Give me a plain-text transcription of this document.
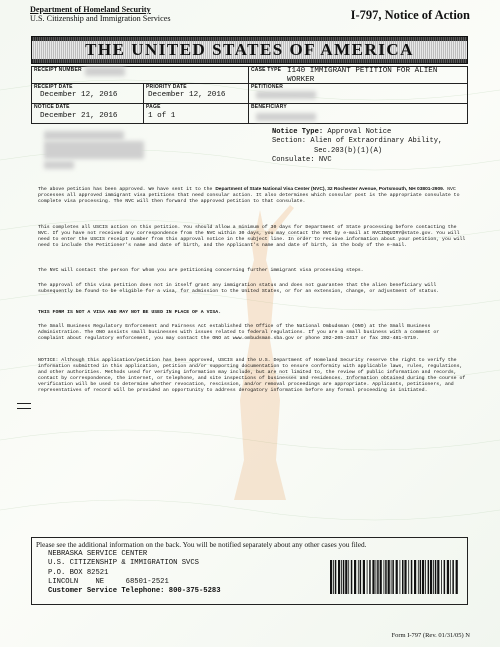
Department of Homeland Security
U.S. Citizenship and Immigration Services	I-797, Notice of Action
THE UNITED STATES OF AMERICA
RECEIPT NUMBER	CASE TYPE I140 IMMIGRANT PETITION FOR ALIEN WORKER
RECEIPT DATE
December 12, 2016
PRIORITY DATE
December 12, 2016
PETITIONER
NOTICE DATE
December 21, 2016
PAGE
1 of 1
BENEFICIARY
Notice Type: Approval Notice
Section: Alien of Extraordinary Ability,
Sec.203(b)(1)(A)
Consulate: NVC
The above petition has been approved. We have sent it to the Department of State National Visa Center (NVC), 32 Rochester Avenue, Portsmouth, NH 03801-2909. NVC processes all approved immigrant visa petitions that need consular action. It also determines which consular post is the appropriate consulate to complete visa processing. The NVC will then forward the approved petition to that consulate.
This completes all USCIS action on this petition. You should allow a minimum of 30 days for Department of State processing before contacting the NVC. If you have not received any correspondence from the NVC within 30 days, you may contact the NVC by e-mail at NVCINQUIRY@state.gov. You will need to enter the USCIS receipt number from this approval notice in the subject line. In order to receive information about your petition, you will need to include the Petitioner's name and date of birth, and the Applicant's name and date of birth, in the body of the e-mail.
The NVC will contact the person for whom you are petitioning concerning further immigrant visa processing steps.
The approval of this visa petition does not in itself grant any immigration status and does not guarantee that the alien beneficiary will subsequently be found to be eligible for a visa, for admission to the United States, or for an extension, change, or adjustment of status.
THIS FORM IS NOT A VISA AND MAY NOT BE USED IN PLACE OF A VISA.
The Small Business Regulatory Enforcement and Fairness Act established the Office of the National Ombudsman (ONO) at the Small Business Administration. The ONO assists small businesses with issues related to federal regulations. If you are a small business with a comment or complaint about regulatory enforcement, you may contact the ONO at www.ombudsman.sba.gov or phone 202-205-2417 or fax 202-481-5719.
NOTICE: Although this application/petition has been approved, USCIS and the U.S. Department of Homeland Security reserve the right to verify the information submitted in this application, petition and/or supporting documentation to ensure conformity with applicable laws, rules, regulations, and other authorities. Methods used for verifying information may include, but are not limited to, the review of public information and records, contact by correspondence, the internet, or telephone, and site inspections of businesses and residences. Information obtained during the course of verification will be used to determine whether revocation, rescission, and/or removal proceedings are appropriate. Applicants, petitioners, and representatives of record will be provided an opportunity to address derogatory information before any formal proceeding is initiated.
Please see the additional information on the back. You will be notified separately about any other cases you filed.
NEBRASKA SERVICE CENTER
U.S. CITIZENSHIP & IMMIGRATION SVCS
P.O. BOX 82521
LINCOLN    NE     68501-2521
Customer Service Telephone: 800-375-5283
Form I-797 (Rev. 01/31/05) N
